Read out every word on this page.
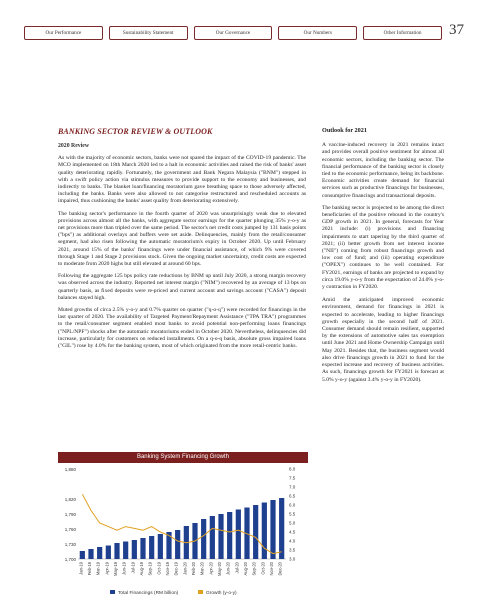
Our Performance	Sustainability Statement	Our Governance	Our Numbers	Other Information	37
BANKING SECTOR REVIEW & OUTLOOK
2020 Review

As with the majority of economic sectors, banks were not spared the impact of the COVID-19 pandemic. The MCO implemented on 18th March 2020 led to a halt in economic activities and raised the risk of banks' asset quality deteriorating rapidly. Fortunately, the government and Bank Negara Malaysia ("BNM") stepped in with a swift policy action via stimulus measures to provide support to the economy and businesses, and indirectly to banks. The blanket loan/financing moratorium gave breathing space to those adversely affected, including the banks. Banks were also allowed to not categorise restructured and rescheduled accounts as impaired, thus cushioning the banks' asset quality from deteriorating extensively.

The banking sector's performance in the fourth quarter of 2020 was unsurprisingly weak due to elevated provisions across almost all the banks, with aggregate sector earnings for the quarter plunging 35% y-o-y as net provisions more than tripled over the same period. The sector's net credit costs jumped by 131 basis points ("bps") as additional overlays and buffers were set aside. Delinquencies, mainly from the retail/consumer segment, had also risen following the automatic moratorium's expiry in October 2020. Up until February 2021, around 15% of the banks' financings were under financial assistance, of which 9% were covered through Stage 1 and Stage 2 provisions stock. Given the ongoing market uncertainty, credit costs are expected to moderate from 2020 highs but still elevated at around 60 bps.

Following the aggregate 125 bps policy rate reductions by BNM up until July 2020, a strong margin recovery was observed across the industry. Reported net interest margin ("NIM") recovered by an average of 13 bps on quarterly basis, as fixed deposits were re-priced and current account and savings account ("CASA") deposit balances stayed high.

Muted growths of circa 2.5% y-o-y and 0.7% quarter on quarter ("q-o-q") were recorded for financings in the last quarter of 2020. The availability of Targeted Payment/Repayment Assistance ("TPA TRA") programmes to the retail/consumer segment enabled most banks to avoid potential non-performing loans financings ("NPL/NPF") shocks after the automatic moratoriums ended in October 2020. Nevertheless, delinquencies did increase, particularly for customers on reduced installments. On a q-o-q basis, absolute gross impaired loans ("GIL") rose by 4.0% for the banking system, most of which originated from the more retail-centric banks.

Outlook for 2021

A vaccine-induced recovery in 2021 remains intact and provides overall positive sentiment for almost all economic sectors, including the banking sector. The financial performance of the banking sector is closely tied to the economic performance, being its backbone. Economic activities create demand for financial services such as productive financings for businesses, consumptive financings and transactional deposits.

The banking sector is projected to be among the direct beneficiaries of the positive rebound in the country's GDP growth in 2021. In general, forecasts for Year 2021 include: (i) provisions and financing impairments to start tapering by the third quarter of 2021; (ii) better growth from net interest income ("NII") coming from robust financings growth and low cost of fund; and (iii) operating expenditure ("OPEX") continues to be well contained. For FY2021, earnings of banks are projected to expand by circa 19.0% y-o-y from the expectation of 24.0% y-o-y contraction in FY2020.

Amid the anticipated improved economic environment, demand for financings in 2021 is expected to accelerate, leading to higher financings growth especially in the second half of 2021. Consumer demand should remain resilient, supported by the extensions of automotive sales tax exemption until June 2021 and Home Ownership Campaign until May 2021. Besides that, the business segment would also drive financings growth in 2021 to fund for the expected increase and recovery of business activities. As such, financings growth for FY2021 is forecast at 5.0% y-o-y (against 3.4% y-o-y in FY2020).

Banking System Financing Growth
1,700
1,730
1,760
1,790
1,820
1,880
3.0
3.5
4.0
4.5
5.0
5.5
6.0
6.5
7.0
7.5
8.0
Jan-19 Feb-19 Mar-19 Apr-19 May-19 Jun-19 Jul-19 Aug-19 Sep-19 Oct-19 Nov-19 Dec-19 Jan-20 Feb-20 Mar-20 Apr-20 May-20 Jun-20 Jul-20 Aug-20 Sep-20 Oct-20 Nov-20 Dec-20
Total Financings (RM billion)	Growth (y-o-y)
